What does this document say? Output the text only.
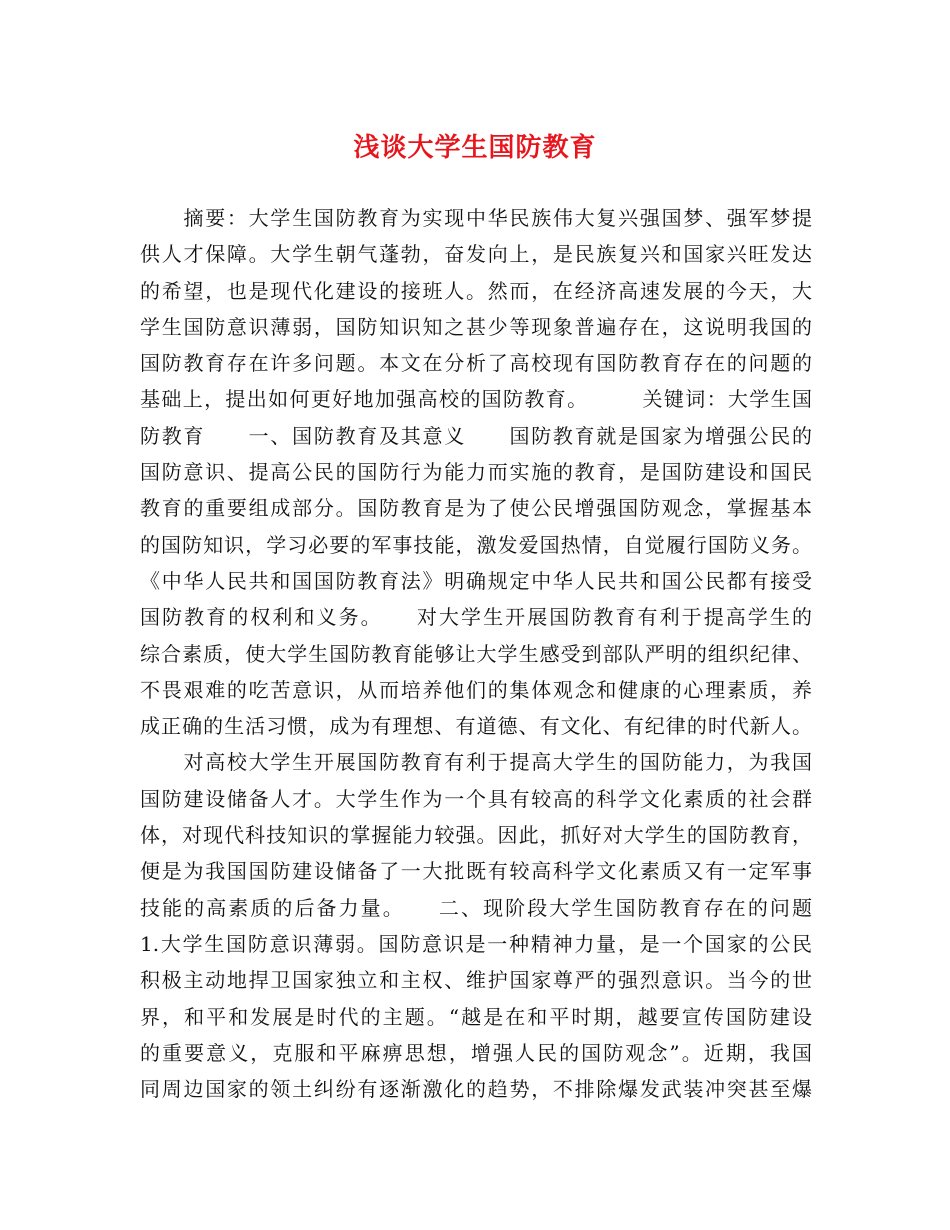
浅谈大学生国防教育
　　摘要：大学生国防教育为实现中华民族伟大复兴强国梦、强军梦提
供人才保障。大学生朝气蓬勃，奋发向上，是民族复兴和国家兴旺发达
的希望，也是现代化建设的接班人。然而，在经济高速发展的今天，大
学生国防意识薄弱，国防知识知之甚少等现象普遍存在，这说明我国的
国防教育存在许多问题。本文在分析了高校现有国防教育存在的问题的
基础上，提出如何更好地加强高校的国防教育。　　　关键词：大学生国
防教育　　一、国防教育及其意义　　国防教育就是国家为增强公民的
国防意识、提高公民的国防行为能力而实施的教育，是国防建设和国民
教育的重要组成部分。国防教育是为了使公民增强国防观念，掌握基本
的国防知识，学习必要的军事技能，激发爱国热情，自觉履行国防义务。
《中华人民共和国国防教育法》明确规定中华人民共和国公民都有接受
国防教育的权利和义务。　　对大学生开展国防教育有利于提高学生的
综合素质，使大学生国防教育能够让大学生感受到部队严明的组织纪律、
不畏艰难的吃苦意识，从而培养他们的集体观念和健康的心理素质，养
成正确的生活习惯，成为有理想、有道德、有文化、有纪律的时代新人。
　　对高校大学生开展国防教育有利于提高大学生的国防能力，为我国
国防建设储备人才。大学生作为一个具有较高的科学文化素质的社会群
体，对现代科技知识的掌握能力较强。因此，抓好对大学生的国防教育，
便是为我国国防建设储备了一大批既有较高科学文化素质又有一定军事
技能的高素质的后备力量。　　二、现阶段大学生国防教育存在的问题
1.大学生国防意识薄弱。国防意识是一种精神力量，是一个国家的公民
积极主动地捍卫国家独立和主权、维护国家尊严的强烈意识。当今的世
界，和平和发展是时代的主题。“越是在和平时期，越要宣传国防建设
的重要意义，克服和平麻痹思想，增强人民的国防观念”。近期，我国
同周边国家的领土纠纷有逐渐激化的趋势，不排除爆发武装冲突甚至爆
